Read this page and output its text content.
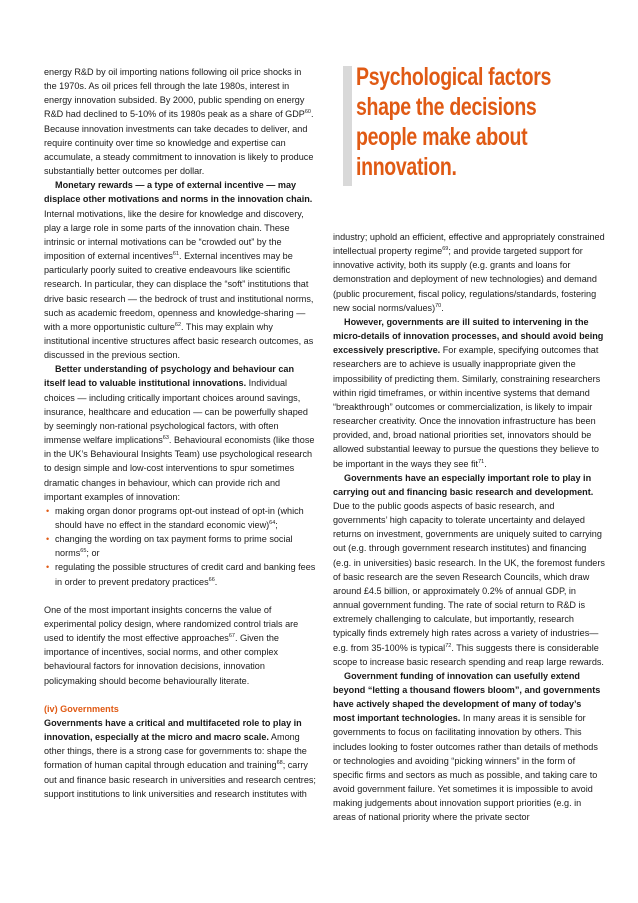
Psychological factors
shape the decisions
people make about
innovation.

energy R&D by oil importing nations following oil price shocks in the 1970s. As oil prices fell through the late 1980s, interest in energy innovation subsided. By 2000, public spending on energy R&D had declined to 5-10% of its 1980s peak as a share of GDP$^{60}$. Because innovation investments can take decades to deliver, and require continuity over time so knowledge and expertise can accumulate, a steady commitment to innovation is likely to produce substantially better outcomes per dollar.

Monetary rewards — a type of external incentive — may displace other motivations and norms in the innovation chain. Internal motivations, like the desire for knowledge and discovery, play a large role in some parts of the innovation chain. These intrinsic or internal motivations can be “crowded out” by the imposition of external incentives$^{61}$. External incentives may be particularly poorly suited to creative endeavours like scientific research. In particular, they can displace the “soft” institutions that drive basic research — the bedrock of trust and institutional norms, such as academic freedom, openness and knowledge-sharing — with a more opportunistic culture$^{62}$. This may explain why institutional incentive structures affect basic research outcomes, as discussed in the previous section.

Better understanding of psychology and behaviour can itself lead to valuable institutional innovations. Individual choices — including critically important choices around savings, insurance, healthcare and education — can be powerfully shaped by seemingly non-rational psychological factors, with often immense welfare implications$^{63}$. Behavioural economists (like those in the UK’s Behavioural Insights Team) use psychological research to design simple and low-cost interventions to spur sometimes dramatic changes in behaviour, which can provide rich and important examples of innovation:

• making organ donor programs opt-out instead of opt-in (which should have no effect in the standard economic view)$^{64}$;
• changing the wording on tax payment forms to prime social norms$^{65}$; or
• regulating the possible structures of credit card and banking fees in order to prevent predatory practices$^{66}$.

One of the most important insights concerns the value of experimental policy design, where randomized control trials are used to identify the most effective approaches$^{67}$. Given the importance of incentives, social norms, and other complex behavioural factors for innovation decisions, innovation policymaking should become behaviourally literate.

(iv) Governments

Governments have a critical and multifaceted role to play in innovation, especially at the micro and macro scale. Among other things, there is a strong case for governments to: shape the formation of human capital through education and training$^{68}$; carry out and finance basic research in universities and research centres; support institutions to link universities and research institutes with

industry; uphold an efficient, effective and appropriately constrained intellectual property regime$^{69}$; and provide targeted support for innovative activity, both its supply (e.g. grants and loans for demonstration and deployment of new technologies) and demand (public procurement, fiscal policy, regulations/standards, fostering new social norms/values)$^{70}$.

However, governments are ill suited to intervening in the micro-details of innovation processes, and should avoid being excessively prescriptive. For example, specifying outcomes that researchers are to achieve is usually inappropriate given the impossibility of predicting them. Similarly, constraining researchers within rigid timeframes, or within incentive systems that demand “breakthrough” outcomes or commercialization, is likely to impair researcher creativity. Once the innovation infrastructure has been provided, and, broad national priorities set, innovators should be allowed substantial leeway to pursue the questions they believe to be important in the ways they see fit$^{71}$.

Governments have an especially important role to play in carrying out and financing basic research and development. Due to the public goods aspects of basic research, and governments’ high capacity to tolerate uncertainty and delayed returns on investment, governments are uniquely suited to carrying out (e.g. through government research institutes) and financing (e.g. in universities) basic research. In the UK, the foremost funders of basic research are the seven Research Councils, which draw around £4.5 billion, or approximately 0.2% of annual GDP, in annual government funding. The rate of social return to R&D is extremely challenging to calculate, but importantly, research typically finds extremely high rates across a variety of industries—e.g. from 35-100% is typical$^{72}$. This suggests there is considerable scope to increase basic research spending and reap large rewards.

Government funding of innovation can usefully extend beyond “letting a thousand flowers bloom”, and governments have actively shaped the development of many of today’s most important technologies. In many areas it is sensible for governments to focus on facilitating innovation by others. This includes looking to foster outcomes rather than details of methods or technologies and avoiding “picking winners” in the form of specific firms and sectors as much as possible, and taking care to avoid government failure. Yet sometimes it is impossible to avoid making judgements about innovation support priorities (e.g. in areas of national priority where the private sector
